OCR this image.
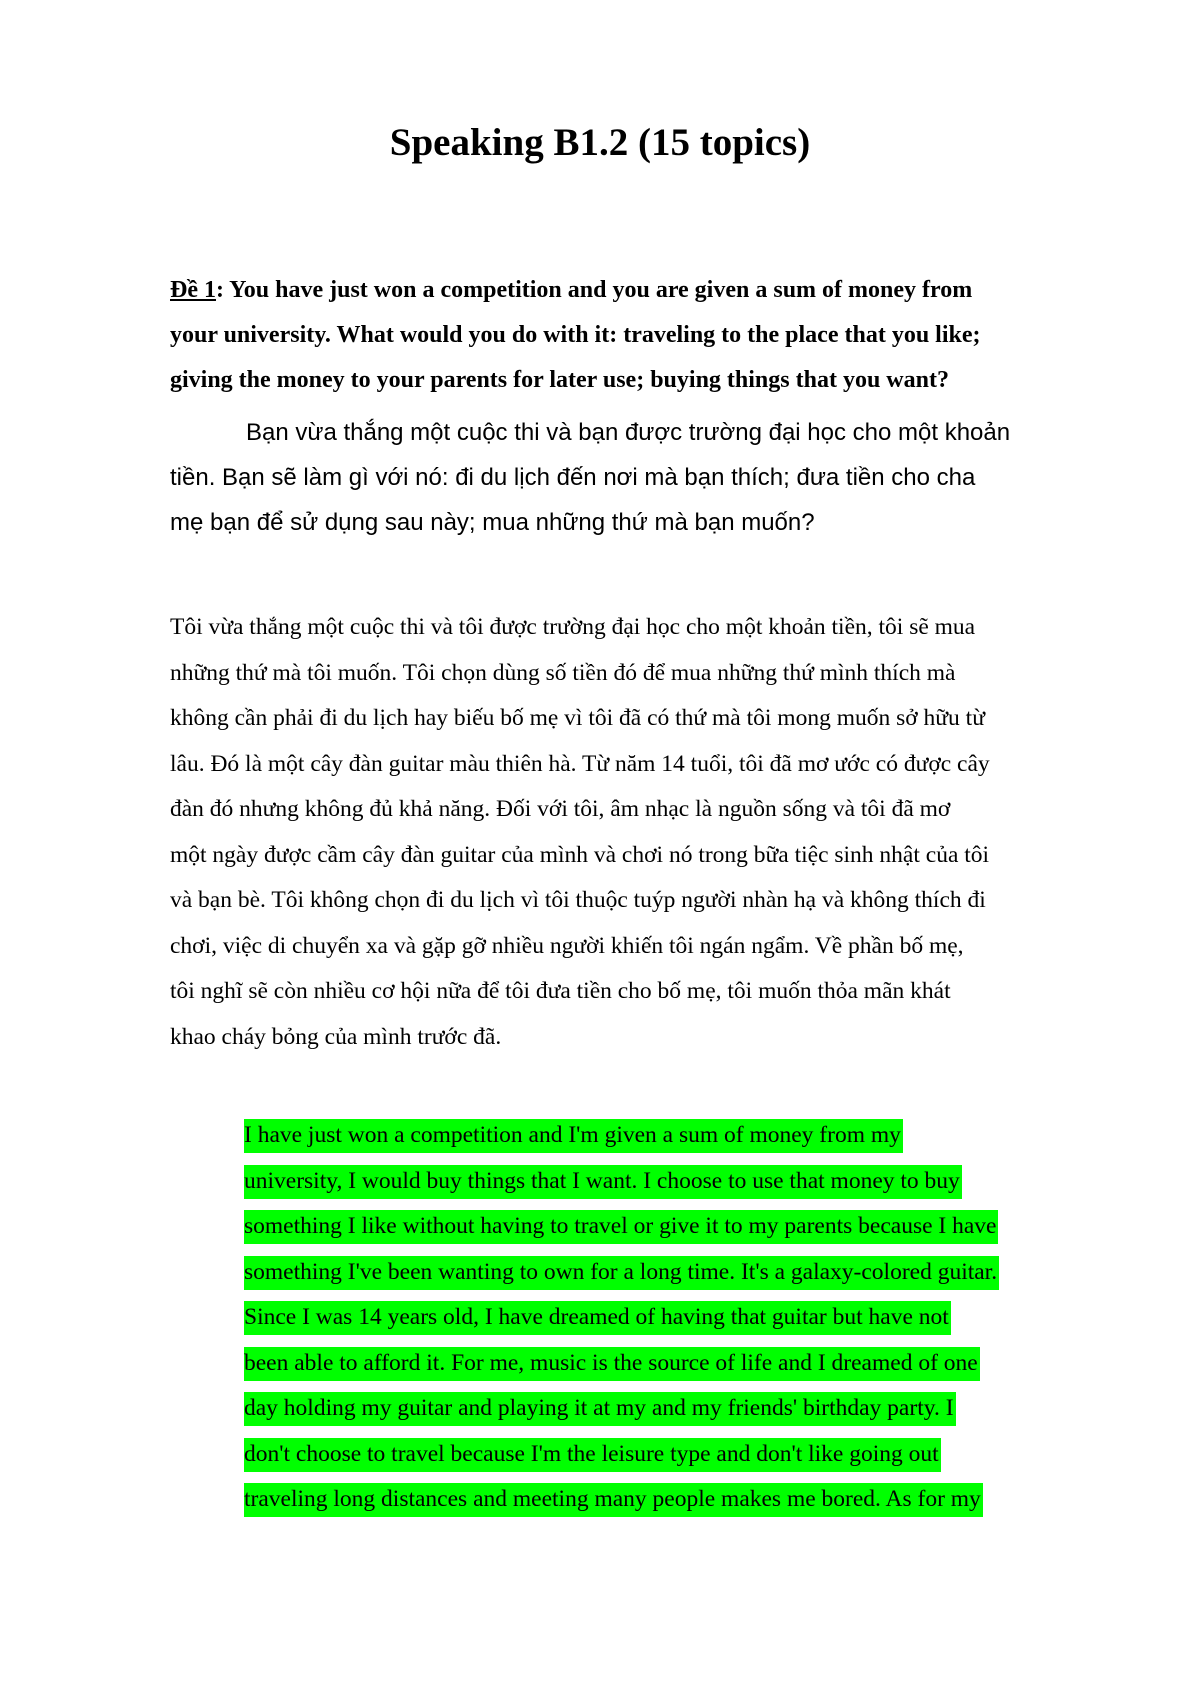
Speaking B1.2 (15 topics)
Đề 1: You have just won a competition and you are given a sum of money from
your university. What would you do with it: traveling to the place that you like;
giving the money to your parents for later use; buying things that you want?
Bạn vừa thắng một cuộc thi và bạn được trường đại học cho một khoản
tiền. Bạn sẽ làm gì với nó: đi du lịch đến nơi mà bạn thích; đưa tiền cho cha
mẹ bạn để sử dụng sau này; mua những thứ mà bạn muốn?
Tôi vừa thắng một cuộc thi và tôi được trường đại học cho một khoản tiền, tôi sẽ mua
những thứ mà tôi muốn. Tôi chọn dùng số tiền đó để mua những thứ mình thích mà
không cần phải đi du lịch hay biếu bố mẹ vì tôi đã có thứ mà tôi mong muốn sở hữu từ
lâu. Đó là một cây đàn guitar màu thiên hà. Từ năm 14 tuổi, tôi đã mơ ước có được cây
đàn đó nhưng không đủ khả năng. Đối với tôi, âm nhạc là nguồn sống và tôi đã mơ
một ngày được cầm cây đàn guitar của mình và chơi nó trong bữa tiệc sinh nhật của tôi
và bạn bè. Tôi không chọn đi du lịch vì tôi thuộc tuýp người nhàn hạ và không thích đi
chơi, việc di chuyển xa và gặp gỡ nhiều người khiến tôi ngán ngẩm. Về phần bố mẹ,
tôi nghĩ sẽ còn nhiều cơ hội nữa để tôi đưa tiền cho bố mẹ, tôi muốn thỏa mãn khát
khao cháy bỏng của mình trước đã.
I have just won a competition and I'm given a sum of money from my
university, I would buy things that I want. I choose to use that money to buy
something I like without having to travel or give it to my parents because I have
something I've been wanting to own for a long time. It's a galaxy-colored guitar.
Since I was 14 years old, I have dreamed of having that guitar but have not
been able to afford it. For me, music is the source of life and I dreamed of one
day holding my guitar and playing it at my and my friends' birthday party. I
don't choose to travel because I'm the leisure type and don't like going out
traveling long distances and meeting many people makes me bored. As for my
